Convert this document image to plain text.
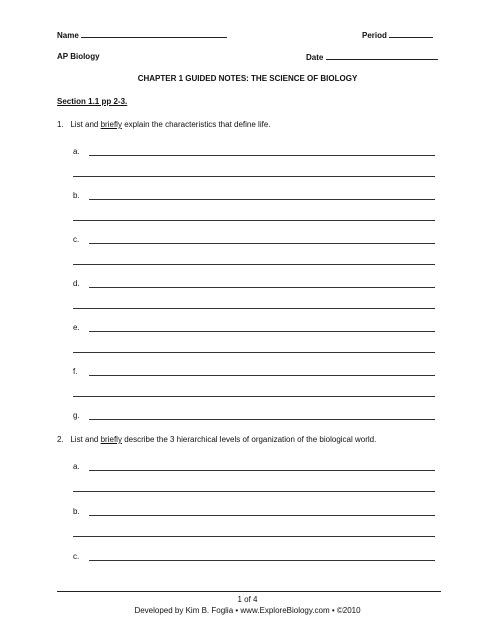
Name	Period
AP Biology	Date
CHAPTER 1 GUIDED NOTES: THE SCIENCE OF BIOLOGY
Section 1.1 pp 2-3.
1. List and briefly explain the characteristics that define life.
a.
b.
c.
d.
e.
f.
g.
2. List and briefly describe the 3 hierarchical levels of organization of the biological world.
a.
b.
c.
1 of 4
Developed by Kim B. Foglia • www.ExploreBiology.com • ©2010
